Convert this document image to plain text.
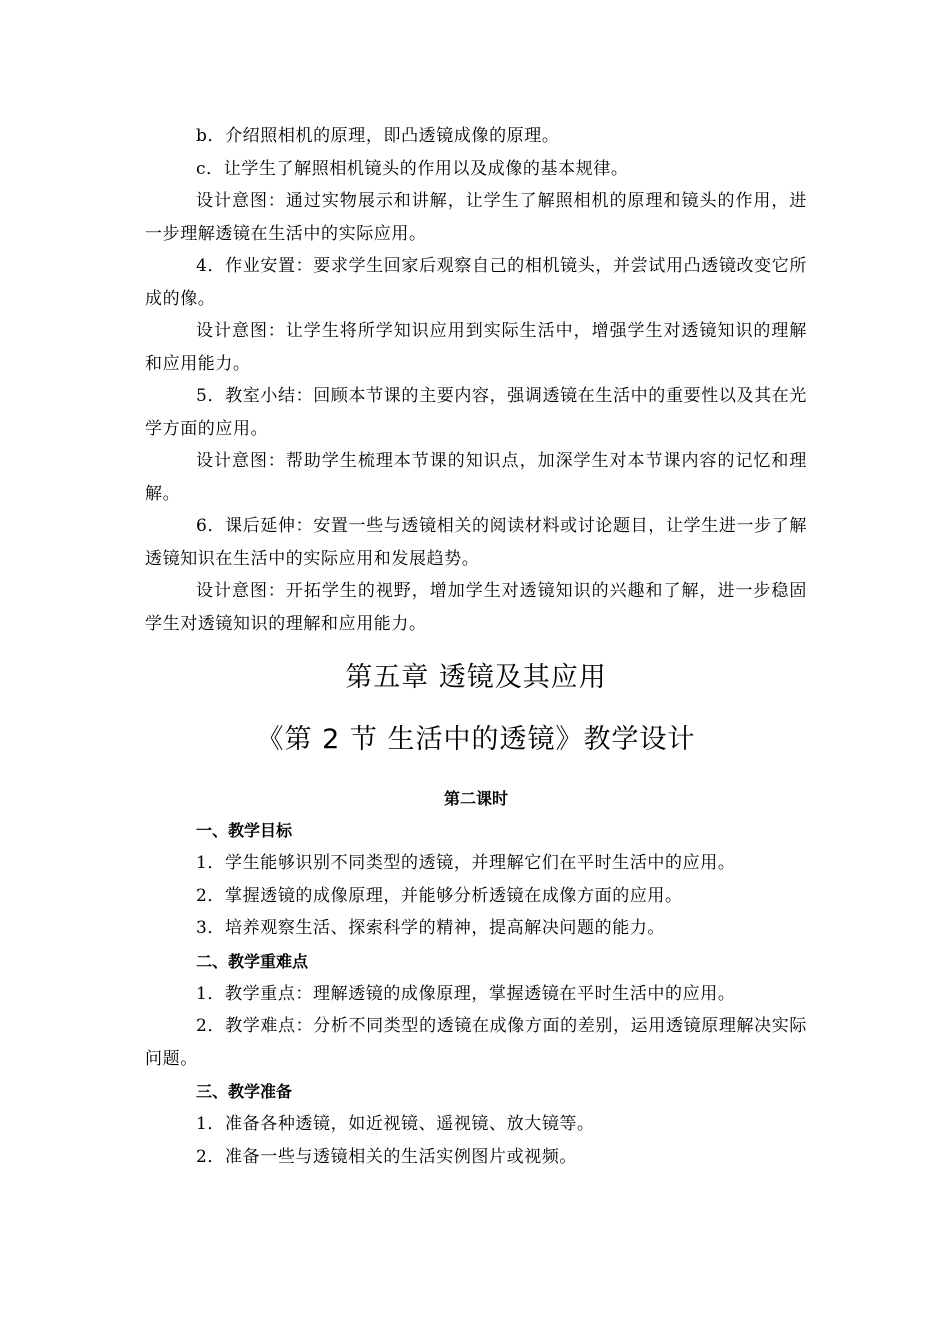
b．介绍照相机的原理，即凸透镜成像的原理。

c．让学生了解照相机镜头的作用以及成像的基本规律。

设计意图：通过实物展示和讲解，让学生了解照相机的原理和镜头的作用，进一步理解透镜在生活中的实际应用。

4．作业安置：要求学生回家后观察自己的相机镜头，并尝试用凸透镜改变它所成的像。

设计意图：让学生将所学知识应用到实际生活中，增强学生对透镜知识的理解和应用能力。

5．教室小结：回顾本节课的主要内容，强调透镜在生活中的重要性以及其在光学方面的应用。

设计意图：帮助学生梳理本节课的知识点，加深学生对本节课内容的记忆和理解。

6．课后延伸：安置一些与透镜相关的阅读材料或讨论题目，让学生进一步了解透镜知识在生活中的实际应用和发展趋势。

设计意图：开拓学生的视野，增加学生对透镜知识的兴趣和了解，进一步稳固学生对透镜知识的理解和应用能力。

第五章 透镜及其应用
《第 2 节 生活中的透镜》教学设计
第二课时
一、教学目标

1．学生能够识别不同类型的透镜，并理解它们在平时生活中的应用。

2．掌握透镜的成像原理，并能够分析透镜在成像方面的应用。

3．培养观察生活、探索科学的精神，提高解决问题的能力。

二、教学重难点

1．教学重点：理解透镜的成像原理，掌握透镜在平时生活中的应用。

2．教学难点：分析不同类型的透镜在成像方面的差别，运用透镜原理解决实际问题。

三、教学准备

1．准备各种透镜，如近视镜、遥视镜、放大镜等。

2．准备一些与透镜相关的生活实例图片或视频。
